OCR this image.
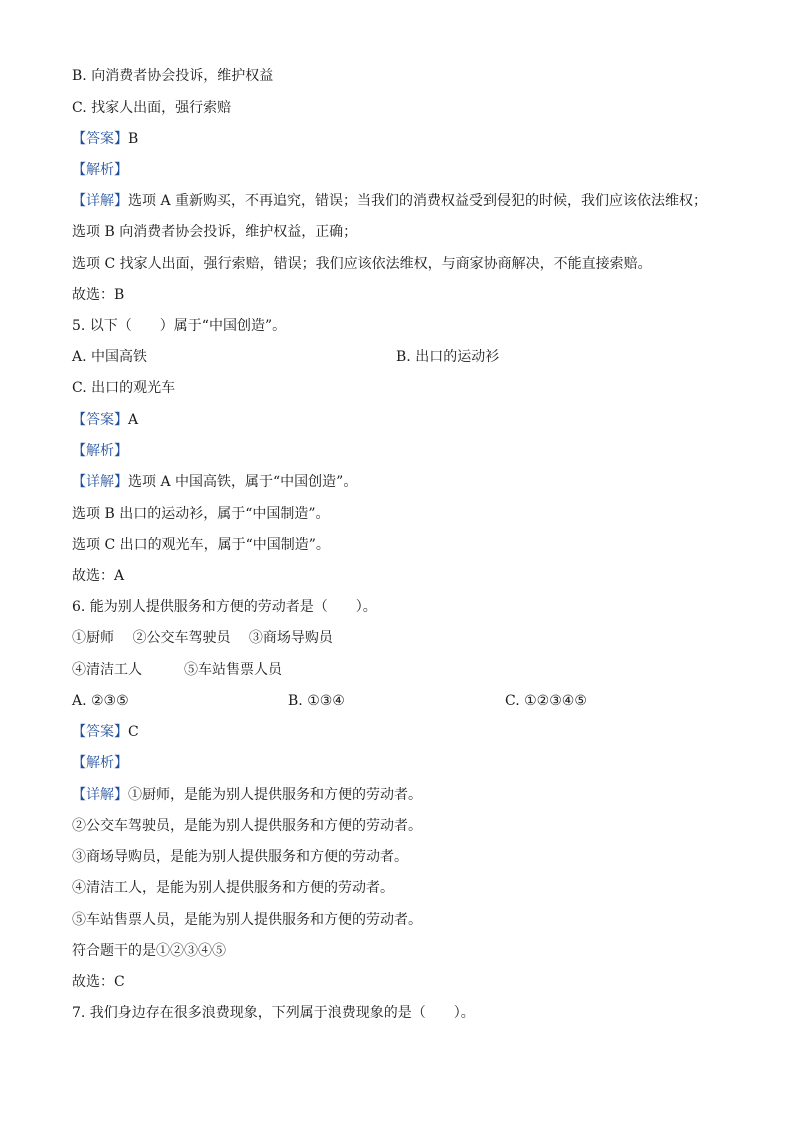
B. 向消费者协会投诉，维护权益
C. 找家人出面，强行索赔
【答案】B
【解析】
【详解】选项 A 重新购买，不再追究，错误；当我们的消费权益受到侵犯的时候，我们应该依法维权；
选项 B 向消费者协会投诉，维护权益，正确；
选项 C 找家人出面，强行索赔，错误；我们应该依法维权，与商家协商解决，不能直接索赔。
故选：B
5. 以下（　　）属于“中国创造”。
A. 中国高铁	B. 出口的运动衫
C. 出口的观光车
【答案】A
【解析】
【详解】选项 A 中国高铁，属于“中国创造”。
选项 B 出口的运动衫，属于“中国制造”。
选项 C 出口的观光车，属于“中国制造”。
故选：A
6. 能为别人提供服务和方便的劳动者是（　　）。
①厨师　 ②公交车驾驶员　 ③商场导购员
④清洁工人　　　⑤车站售票人员
A. ②③⑤	B. ①③④	C. ①②③④⑤
【答案】C
【解析】
【详解】①厨师，是能为别人提供服务和方便的劳动者。
②公交车驾驶员，是能为别人提供服务和方便的劳动者。
③商场导购员，是能为别人提供服务和方便的劳动者。
④清洁工人，是能为别人提供服务和方便的劳动者。
⑤车站售票人员，是能为别人提供服务和方便的劳动者。
符合题干的是①②③④⑤
故选：C
7. 我们身边存在很多浪费现象，下列属于浪费现象的是（　　）。
